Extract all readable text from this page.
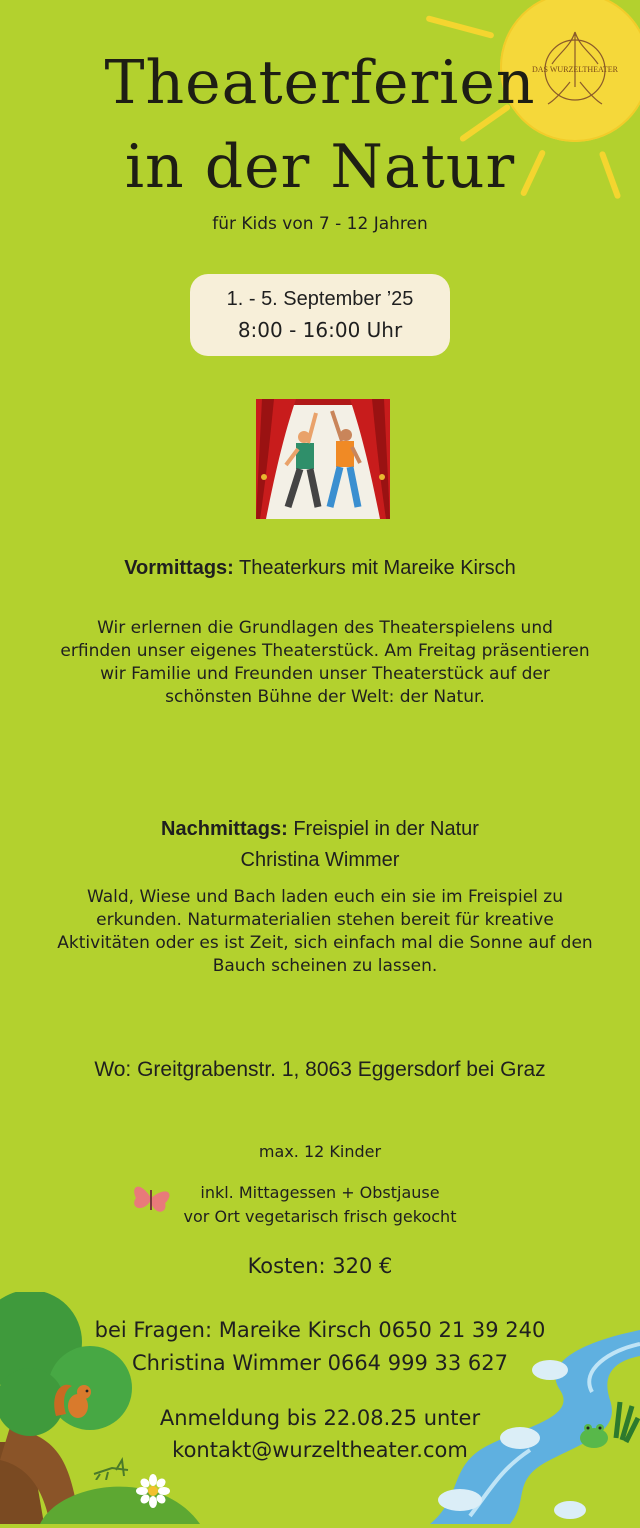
DAS WURZELTHEATER
Theaterferien
in der Natur
für Kids von 7 - 12 Jahren
1. - 5. September ’25
8:00 - 16:00 Uhr
Vormittags: Theaterkurs mit Mareike Kirsch
Wir erlernen die Grundlagen des Theaterspielens und erfinden unser eigenes Theaterstück. Am Freitag präsentieren wir Familie und Freunden unser Theaterstück auf der schönsten Bühne der Welt: der Natur.
Nachmittags: Freispiel in der Natur
Christina Wimmer
Wald, Wiese und Bach laden euch ein sie im Freispiel zu erkunden. Naturmaterialien stehen bereit für kreative Aktivitäten oder es ist Zeit, sich einfach mal die Sonne auf den Bauch scheinen zu lassen.
Wo: Greitgrabenstr. 1, 8063 Eggersdorf bei Graz
max. 12 Kinder
inkl. Mittagessen + Obstjause
vor Ort vegetarisch frisch gekocht
Kosten: 320 €
bei Fragen: Mareike Kirsch 0650 21 39 240
Christina Wimmer 0664 999 33 627
Anmeldung bis 22.08.25 unter
kontakt@wurzeltheater.com
